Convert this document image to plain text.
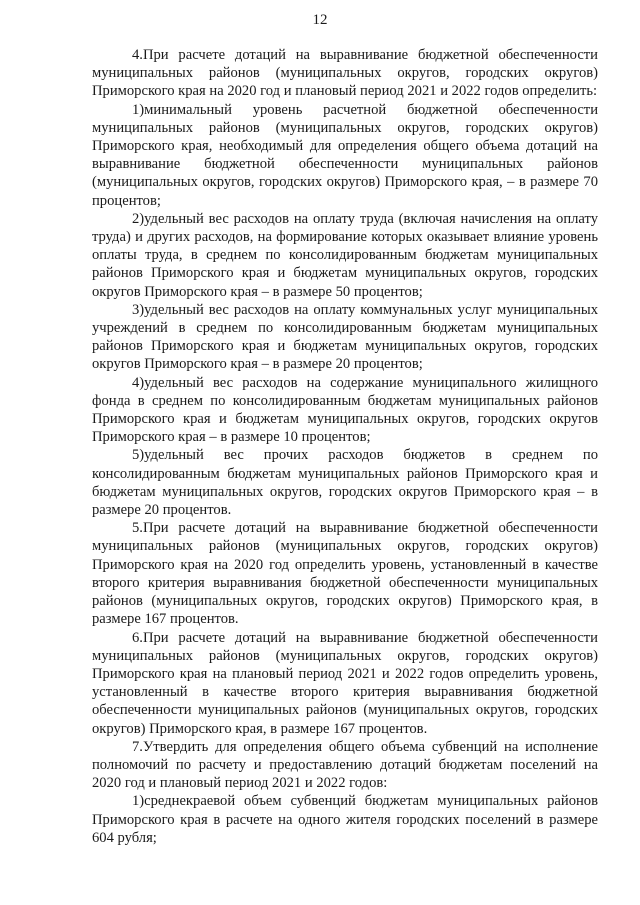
12

4.При расчете дотаций на выравнивание бюджетной обеспеченности муниципальных районов (муниципальных округов, городских округов) Приморского края на 2020 год и плановый период 2021 и 2022 годов определить:

1)минимальный уровень расчетной бюджетной обеспеченности муниципальных районов (муниципальных округов, городских округов) Приморского края, необходимый для определения общего объема дотаций на выравнивание бюджетной обеспеченности муниципальных районов (муниципальных округов, городских округов) Приморского края, – в размере 70 процентов;

2)удельный вес расходов на оплату труда (включая начисления на оплату труда) и других расходов, на формирование которых оказывает влияние уровень оплаты труда, в среднем по консолидированным бюджетам муниципальных районов Приморского края и бюджетам муниципальных округов, городских округов Приморского края – в размере 50 процентов;

3)удельный вес расходов на оплату коммунальных услуг муниципальных учреждений в среднем по консолидированным бюджетам муниципальных районов Приморского края и бюджетам муниципальных округов, городских округов Приморского края – в размере 20 процентов;

4)удельный вес расходов на содержание муниципального жилищного фонда в среднем по консолидированным бюджетам муниципальных районов Приморского края и бюджетам муниципальных округов, городских округов Приморского края – в размере 10 процентов;

5)удельный вес прочих расходов бюджетов в среднем по консолидированным бюджетам муниципальных районов Приморского края и бюджетам муниципальных округов, городских округов Приморского края – в размере 20 процентов.

5.При расчете дотаций на выравнивание бюджетной обеспеченности муниципальных районов (муниципальных округов, городских округов) Приморского края на 2020 год определить уровень, установленный в качестве второго критерия выравнивания бюджетной обеспеченности муниципальных районов (муниципальных округов, городских округов) Приморского края, в размере 167 процентов.

6.При расчете дотаций на выравнивание бюджетной обеспеченности муниципальных районов (муниципальных округов, городских округов) Приморского края на плановый период 2021 и 2022 годов определить уровень, установленный в качестве второго критерия выравнивания бюджетной обеспеченности муниципальных районов (муниципальных округов, городских округов) Приморского края, в размере 167 процентов.

7.Утвердить для определения общего объема субвенций на исполнение полномочий по расчету и предоставлению дотаций бюджетам поселений на 2020 год и плановый период 2021 и 2022 годов:

1)среднекраевой объем субвенций бюджетам муниципальных районов Приморского края в расчете на одного жителя городских поселений в размере 604 рубля;
